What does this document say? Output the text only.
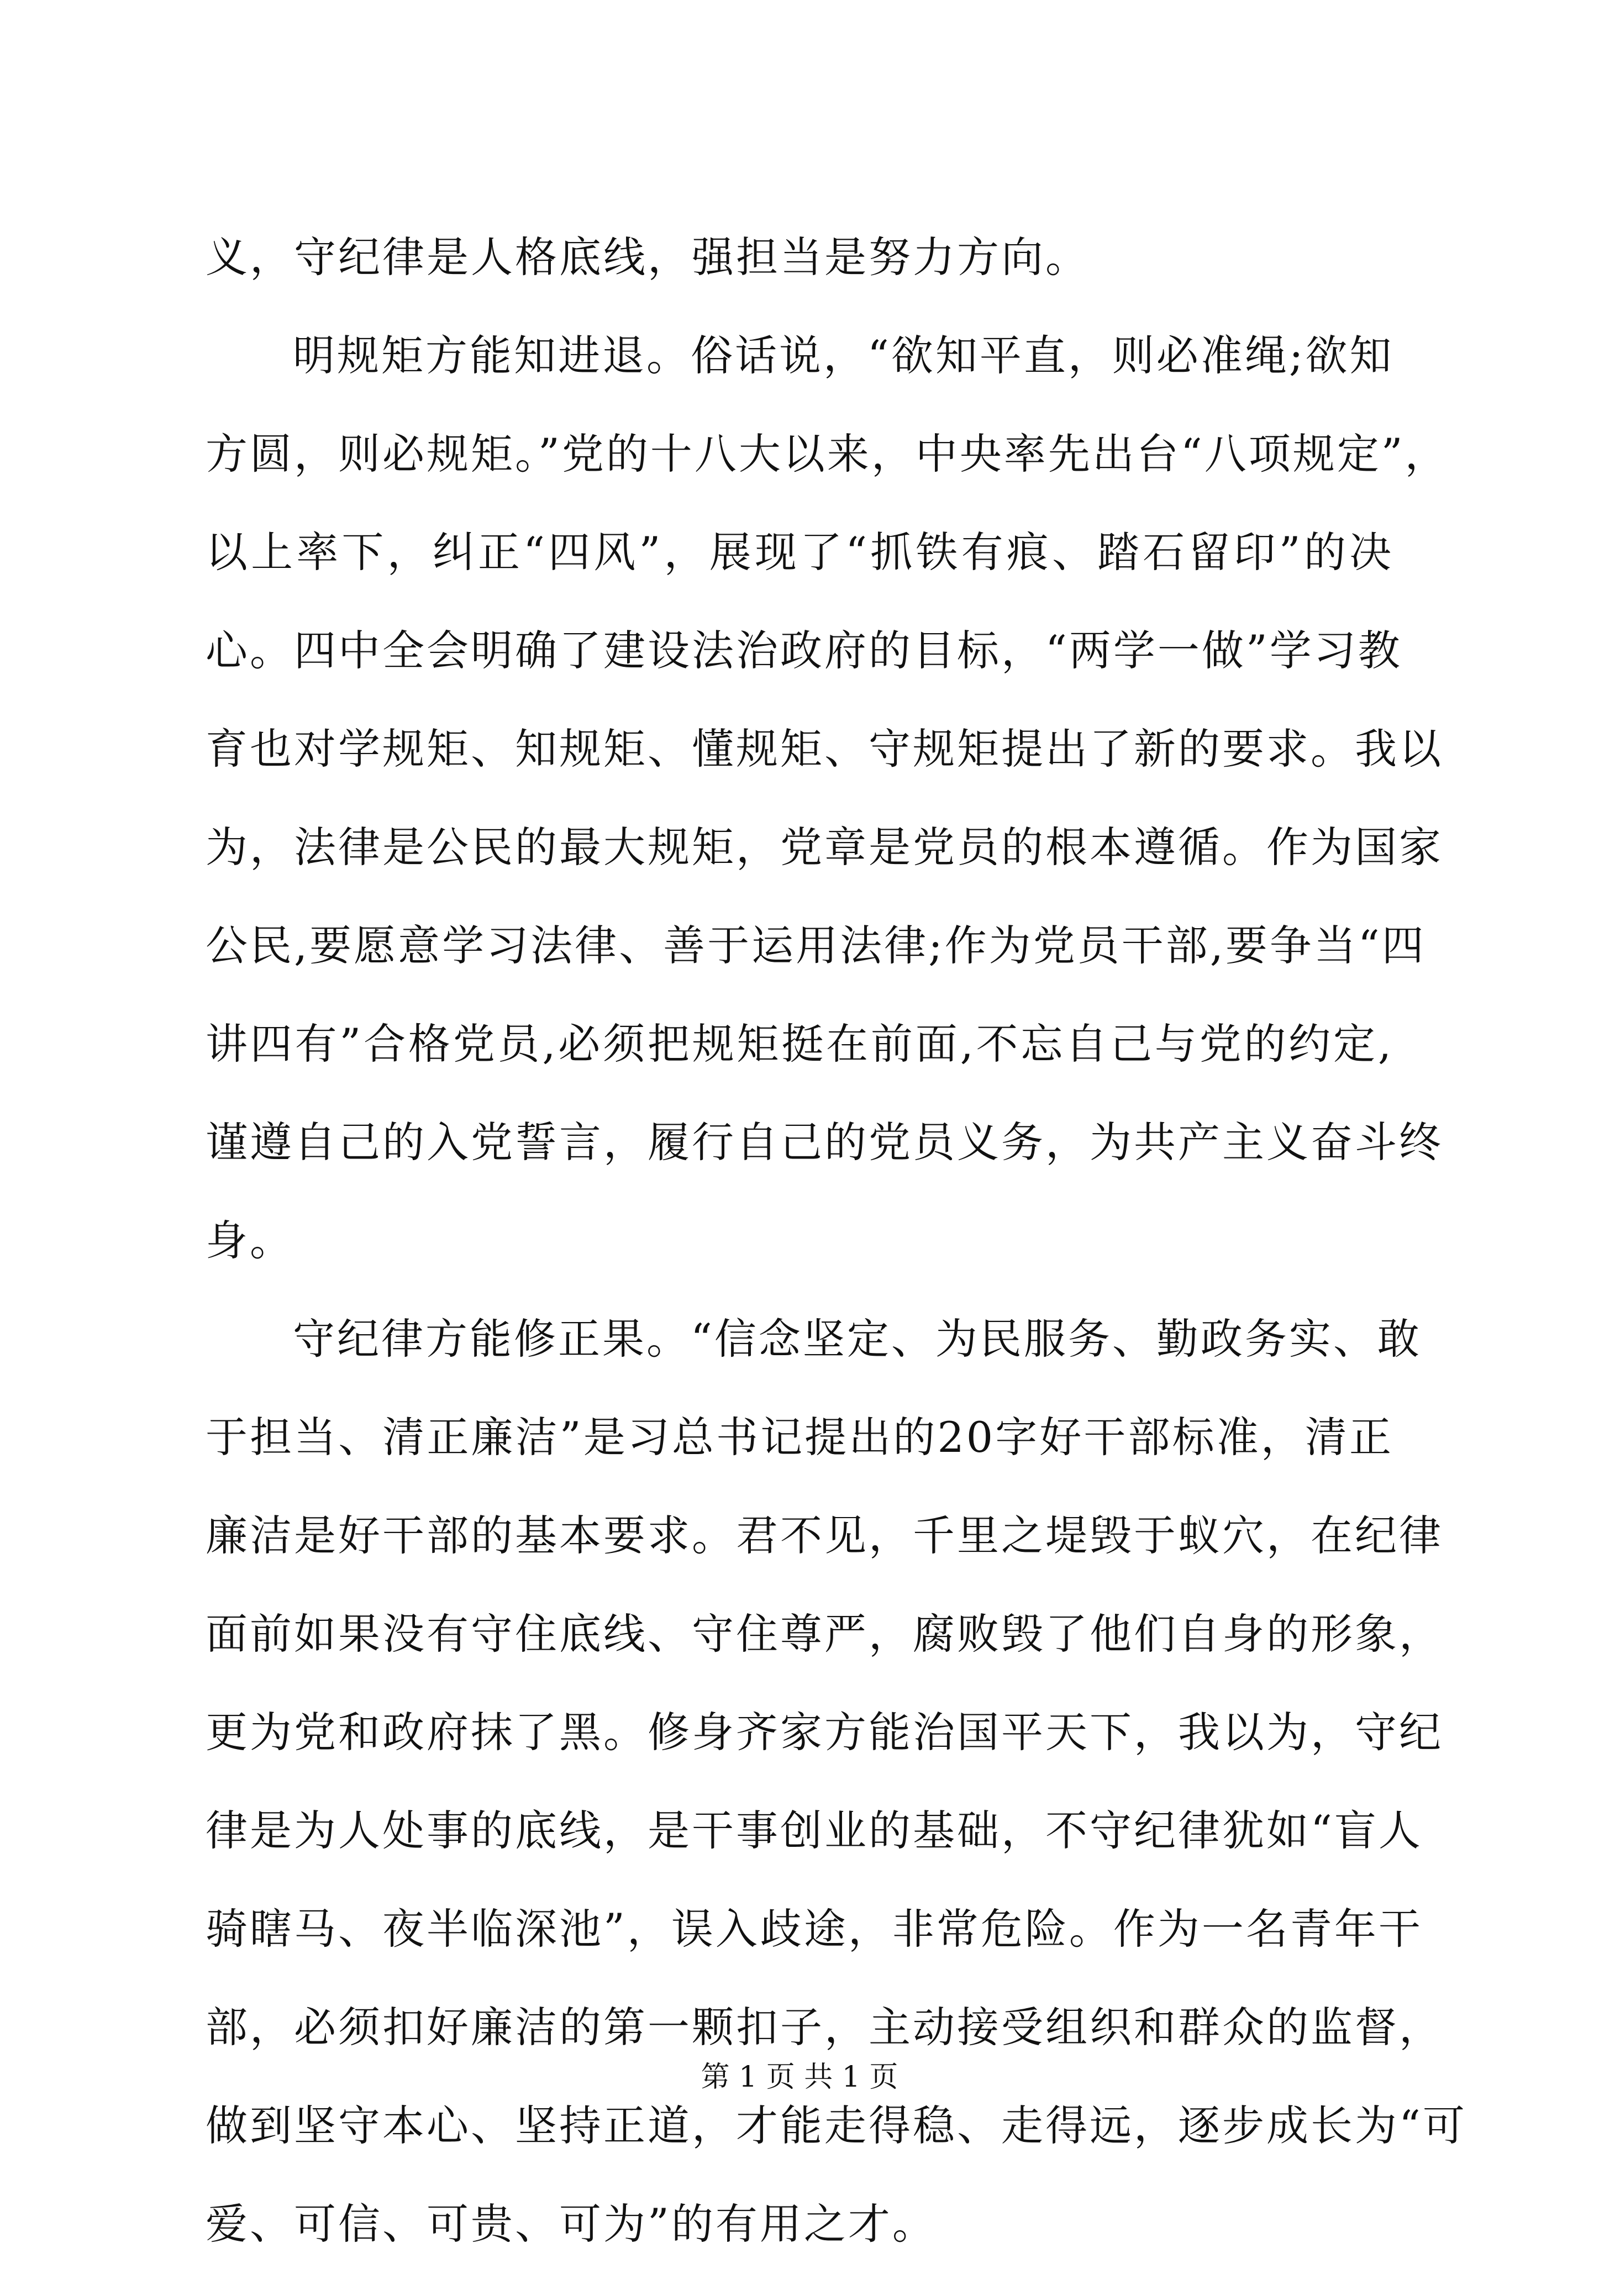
义，守纪律是人格底线，强担当是努力方向。
明规矩方能知进退。俗话说，“欲知平直，则必准绳;欲知
方圆，则必规矩。”党的十八大以来，中央率先出台“八项规定”，
以上率下，纠正“四风”，展现了“抓铁有痕、踏石留印”的决
心。四中全会明确了建设法治政府的目标，“两学一做”学习教
育也对学规矩、知规矩、懂规矩、守规矩提出了新的要求。我以
为，法律是公民的最大规矩，党章是党员的根本遵循。作为国家
公民,要愿意学习法律、善于运用法律;作为党员干部,要争当“四
讲四有”合格党员,必须把规矩挺在前面,不忘自己与党的约定,
谨遵自己的入党誓言，履行自己的党员义务，为共产主义奋斗终
身。
守纪律方能修正果。“信念坚定、为民服务、勤政务实、敢
于担当、清正廉洁”是习总书记提出的20字好干部标准，清正
廉洁是好干部的基本要求。君不见，千里之堤毁于蚁穴，在纪律
面前如果没有守住底线、守住尊严，腐败毁了他们自身的形象，
更为党和政府抹了黑。修身齐家方能治国平天下，我以为，守纪
律是为人处事的底线，是干事创业的基础，不守纪律犹如“盲人
骑瞎马、夜半临深池”，误入歧途，非常危险。作为一名青年干
部，必须扣好廉洁的第一颗扣子，主动接受组织和群众的监督，
做到坚守本心、坚持正道，才能走得稳、走得远，逐步成长为“可
爱、可信、可贵、可为”的有用之才。
第 1 页 共 1 页
